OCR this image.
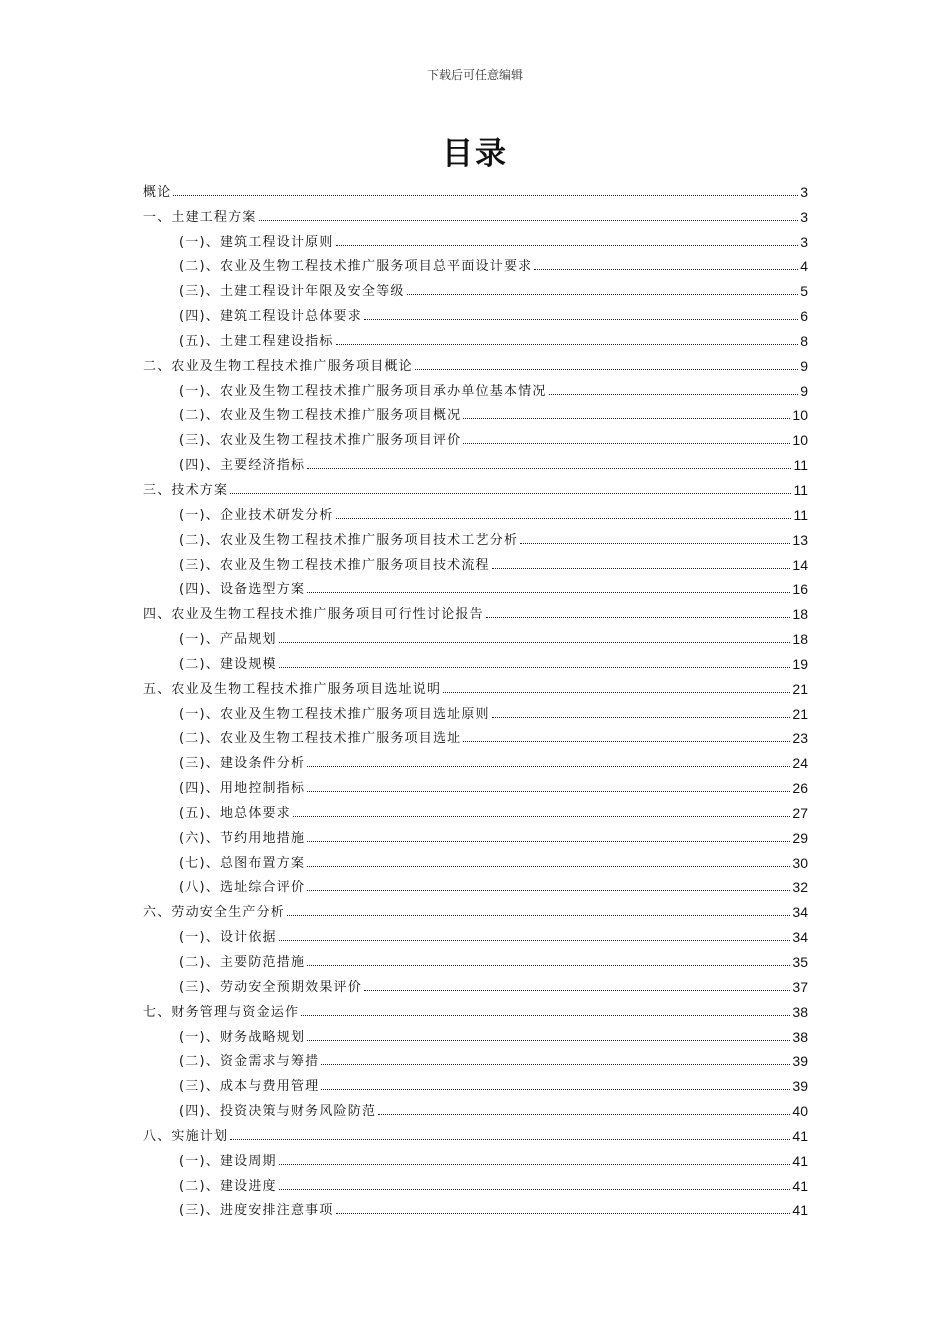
下载后可任意编辑
目录
概论	3
一、土建工程方案	3
(一)、建筑工程设计原则	3
(二)、农业及生物工程技术推广服务项目总平面设计要求	4
(三)、土建工程设计年限及安全等级	5
(四)、建筑工程设计总体要求	6
(五)、土建工程建设指标	8
二、农业及生物工程技术推广服务项目概论	9
(一)、农业及生物工程技术推广服务项目承办单位基本情况	9
(二)、农业及生物工程技术推广服务项目概况	10
(三)、农业及生物工程技术推广服务项目评价	10
(四)、主要经济指标	11
三、技术方案	11
(一)、企业技术研发分析	11
(二)、农业及生物工程技术推广服务项目技术工艺分析	13
(三)、农业及生物工程技术推广服务项目技术流程	14
(四)、设备选型方案	16
四、农业及生物工程技术推广服务项目可行性讨论报告	18
(一)、产品规划	18
(二)、建设规模	19
五、农业及生物工程技术推广服务项目选址说明	21
(一)、农业及生物工程技术推广服务项目选址原则	21
(二)、农业及生物工程技术推广服务项目选址	23
(三)、建设条件分析	24
(四)、用地控制指标	26
(五)、地总体要求	27
(六)、节约用地措施	29
(七)、总图布置方案	30
(八)、选址综合评价	32
六、劳动安全生产分析	34
(一)、设计依据	34
(二)、主要防范措施	35
(三)、劳动安全预期效果评价	37
七、财务管理与资金运作	38
(一)、财务战略规划	38
(二)、资金需求与筹措	39
(三)、成本与费用管理	39
(四)、投资决策与财务风险防范	40
八、实施计划	41
(一)、建设周期	41
(二)、建设进度	41
(三)、进度安排注意事项	41
